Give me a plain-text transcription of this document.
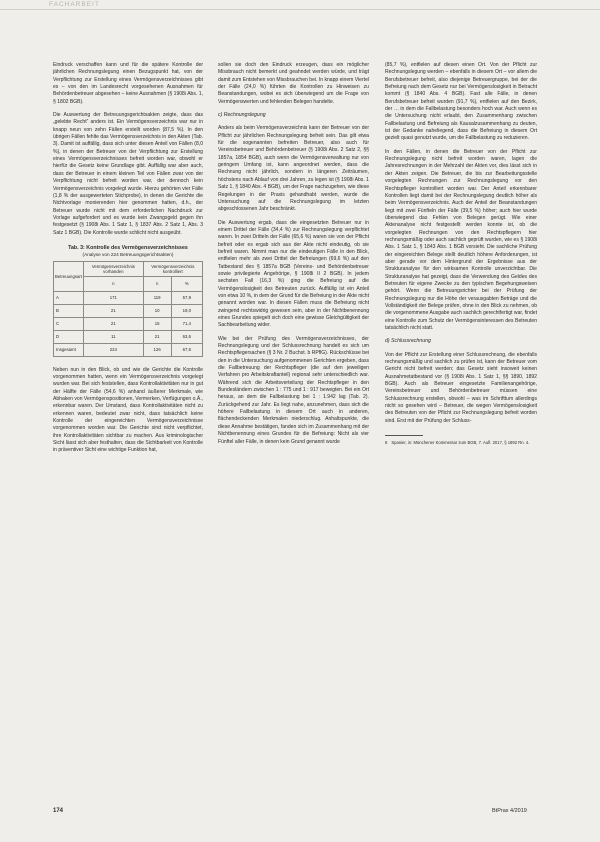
FACHARBEIT

Eindruck verschaffen kann und für die spätere Kontrolle der jährlichen Rechnungslegung einen Bezugspunkt hat, von der Verpflichtung zur Erstellung eines Vermögensverzeichnisses gibt es – von den im Landesrecht vorgesehenen Ausnahmen für Behördenbetreuer abgesehen – keine Ausnahmen (§ 1908i Abs. 1, § 1802 BGB).

Die Auswertung der Betreuungsgerichtsakten zeigte, dass das „gelebte Recht“ anders ist. Ein Vermögensverzeichnis war nur in knapp neun von zehn Fällen erstellt worden (87,5 %). In den übrigen Fällen fehlte das Vermögensverzeichnis in den Akten (Tab. 3). Damit ist auffällig, dass sich unter diesen Anteil von Fällen (8,0 %), in denen der Betreuer von der Verpflichtung zur Erstellung eines Vermögensverzeichnisses befreit worden war, obwohl er hierfür die Gesetz keine Grundlage gibt. Auffällig war aber auch, dass der Betreuer in einem kleinen Teil von Fällen zwar von der Verpflichtung nicht befreit worden war, der dennoch kein Vermögensverzeichnis vorgelegt wurde. Hierzu gehörten vier Fälle (1,8 % der ausgewerteten Stichprobe), in denen die Gerichte die Nichtvorlage monierenden hier genommen hatten, d.h., der Betreuer wurde nicht mit dem erforderlichen Nachdruck zur Vorlage aufgefordert und es wurde kein Zwangsgeld gegen ihn festgesetzt (§ 1908i Abs. 1 Satz 1, § 1837 Abs. 2 Satz 1, Abs. 3 Satz 1 BGB). Die Kontrolle wurde schlicht nicht ausgeübt.

Tab. 3: Kontrolle des Vermögensverzeichnisses
(Analyse von 224 Betreuungsgerichtsakten)
Betreuungsart	Vermögensverzeichnis vorhanden	Vermögensverzeichnis kontrolliert	
	n	n	%
A	171	119	57,9
B	21	10	19,0
C	21	15	71,4
D	11	21	63,6
Insgesamt	224	126	67,6

Neben nun in den Blick, ob und wie die Gerichte die Kontrolle vorgenommen hatten, wenn ein Vermögensverzeichnis vorgelegt wurden war. Bei sich feststellen, dass Kontrollaktivitäten nur in gut der Hälfte der Fälle (54,6 %) anhand äußerer Merkmale, wie Abhaken von Vermögenspositionen, Vermerken, Verfügungen o.Ä., erkennbar waren. Der Umstand, dass Kontrollaktivitäten nicht zu erkennen waren, bedeutet zwar nicht, dass tatsächlich keine Kontrolle der eingereichten Vermögensverzeichnisse vorgenommen worden war. Die Gerichte sind nicht verpflichtet, ihre Kontrollaktivitäten sichtbar zu machen. Aus kriminologischer Sicht lässt sich aber festhalten, dass die Sichtbarkeit von Kontrolle in präventiver Sicht eine wichtige Funktion hat,

sollen sie doch den Eindruck erzeugen, dass ein möglicher Missbrauch nicht bemerkt und geahndet werden würde, und trägt damit zum Entstehen von Missbrauchen bei. In knapp einem Viertel der Fälle (24,0 %) führten die Kontrollen zu Hinweisen zu Beanstandungen, wobei es sich überwiegend um die Frage von Vermögenswerten und fehlenden Belegen handelte.

c) Rechnungslegung

Anders als beim Vermögensverzeichnis kann der Betreuer von der Pflicht zur jährlichen Rechnungslegung befreit sein. Das gilt etwa für die sogenannten befreiten Betreuer, also auch für Vereinsbetreuer und Behördenbetreuer (§ 1908i Abs. 2 Satz 2, §§ 1857a, 1854 BGB), auch wenn die Vermögensverwaltung nur von geringem Umfang ist, kann angeordnet werden, dass die Rechnung nicht jährlich, sondern in längeren Zeiträumen, höchstens nach Ablauf von drei Jahren, zu legen ist (§ 1908i Abs. 1 Satz 1, § 1840 Abs. 4 BGB), um der Frage nachzugehen, wie diese Regelungen in der Praxis gehandhabt werden, wurde die Untersuchung auf die Rechnungslegung im letzten abgeschlossenen Jahr beschränkt.

Die Auswertung ergab, dass die eingesetzten Betreuer nur in einem Drittel der Fälle (34,4 %) zur Rechnungslegung verpflichtet waren. In zwei Dritteln der Fälle (65,6 %) waren sie von der Pflicht befreit oder es ergab sich aus der Akte nicht eindeutig, ob sie befreit waren. Nimmt man nur die eindeutigen Fälle in den Blick, entfielen mehr als zwei Drittel der Befreiungen (69,6 %) auf den Tatbestand des § 1857a BGB (Vereins- und Behördenbetreuer sowie privilegierte Angehörige, § 1908i II 2 BGB). In jedem sechsten Fall (16,3 %) ging die Befreiung auf die Vermögenslosigkeit des Betreuten zurück. Auffällig ist ein Anteil von etwa 10 %, in dem der Grund für die Befreiung in der Akte nicht genannt worden war. In diesen Fällen muss die Befreiung nicht zwingend rechtswidrig gewesen sein, aber in der Nichtbenennung eines Grundes spiegelt sich doch eine gewisse Gleichgültigkeit der Sachbearbeitung wider.

Wie bei der Prüfung des Vermögensverzeichnisses, der Rechnungslegung und der Schlussrechnung handelt es sich um Rechtspflegersachen (§ 3 Nr. 2 Buchst. b RPflG). Rückschlüsse bei den in die Untersuchung aufgenommenen Gerichten ergeben, dass die Fallbetreuung der Rechtspfleger (die auf den jeweiligen Verfahren pro Arbeitskraftanteil) regional sehr unterschiedlich war. Während sich die Arbeitsverteilung der Rechtspfleger in den Bundesländern zwischen 1 : 775 und 1 : 917 bewegten. Bei ein Ort heraus, an dem die Fallbelastung bei 1 : 1.942 lag (Tab. 2). Zurückgehend zur Jahr. Es liegt nahe, anzunehmen, dass sich die höhere Fallbelastung in diesem Ort auch in anderen, flächendeckenden Merkmalen niederschlug. Anhaltspunkte, die diese Annahme bestätigen, fanden sich im Zusammenhang mit der Nichtbenennung eines Grundes für die Befreiung: Nicht als vier Fünftel aller Fälle, in denen kein Grund genannt wurde

(85,7 %), entfielen auf diesen einen Ort. Von der Pflicht zur Rechnungslegung werden – ebenfalls in diesem Ort – vor allem die Berufsbetreuer befreit, also diejenige Betreuergruppe, bei der die Befreiung nach dem Gesetz nur bei Vermögenslosigkeit in Betracht kommt (§ 1840 Abs. 4 BGB). Fast alle Fälle, in denen Berufsbetreuer befreit wurden (91,7 %), entfielen auf den Bezirk, der … in dem die Fallbelastung besonders hoch war. Auch wenn es die Untersuchung nicht erlaubt, den Zusammenhang zwischen Fallbelastung und Befreiung als Kausalzusammenhang zu deuten, ist der Gedanke naheliegend, dass die Befreiung in diesem Ort gezielt quasi genutzt wurde, um die Fallbelastung zu reduzieren.

In den Fällen, in denen die Betreuer von der Pflicht zur Rechnungslegung nicht befreit worden waren, lagen die Jahresrechnungen in der Mehrzahl der Akten vor, dies lässt sich in der Akten zeigen. Die Betreuer, die bis zur Bearbeitungsstelle vorgelegten Rechnungen zur Rechnungslegung vor den Rechtspfleger kontrolliert worden war. Der Anteil erkennbarer Kontrollen liegt damit bei der Rechnungslegung deutlich höher als beim Vermögensverzeichnis. Auch der Anteil der Beanstandungen liegt mit zwei Fünfteln der Fälle (39,5 %) höher; auch hier wurde überwiegend das Fehlen von Belegen gerügt. Wie einer Aktenanalyse nicht festgestellt werden konnte ist, ob die vorgelegten Rechnungen von den Rechtspflegern hier rechnungsmäßig oder auch sachlich geprüft wurden, wie es § 1908i Abs. 1 Satz 1, § 1843 Abs. 1 BGB vorsieht. Die sachliche Prüfung der eingereichten Belege stellt deutlich höhere Anforderungen, ist aber gerade vor dem Hintergrund der Ergebnisse aus der Strukturanalyse für den wirksamen Kontrolle unverzichtbar. Die Strukturanalyse hat gezeigt, dass die Verwendung des Geldes des Betreuten für eigene Zwecke zu den typischen Begehungsweisen gehört. Wenn die Betreuungsrichter bei der Prüfung der Rechnungslegung nur die Höhe der verausgabten Beträge und die Vollständigkeit der Belege prüfen, ohne in den Blick zu nehmen, ob die vorgenommene Ausgabe auch sachlich gerechtfertigt war, findet eine Kontrolle zum Schutz der Vermögensinteressen des Betreuten tatsächlich nicht statt.

d) Schlussrechnung

Von der Pflicht zur Erstellung einer Schlussrechnung, die ebenfalls rechnungsmäßig und sachlich zu prüfen ist, kann der Betreuer vom Gericht nicht befreit werden; das Gesetz sieht insoweit keinen Ausnahmetatbestand vor (§ 1908i Abs. 1 Satz 1, §§ 1890, 1892 BGB). Auch als Betreuer eingesetzte Familienangehörige, Vereinsbetreuer und Behördenbetreuer müssen eine Schlussrechnung erstellen, obwohl – was im Schrifttum allerdings nicht so gesehen wird – Betreuer, die wegen Vermögenslosigkeit des Betreuten von der Pflicht zur Rechnungslegung befreit worden sind. Erst mit der Prüfung der Schluss-

6 Spanier, in: Münchener Kommentar zum BGB, 7. Aufl. 2017, § 1892 Rn. 4.
174	BtPrax 4/2019
